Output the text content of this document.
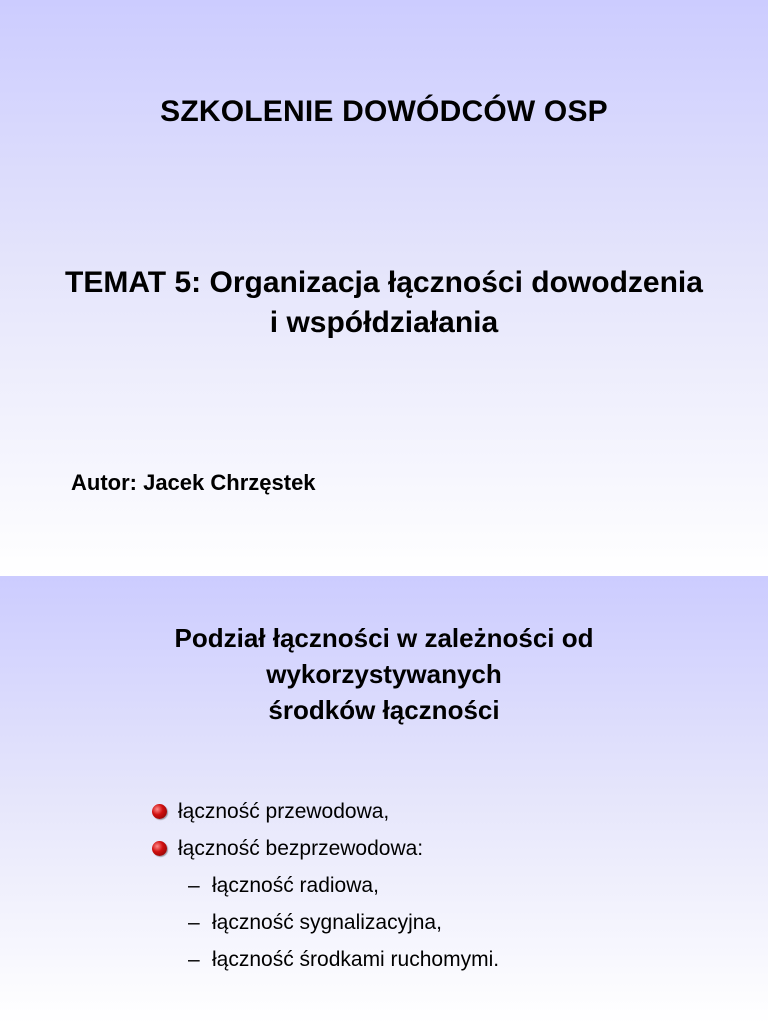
SZKOLENIE DOWÓDCÓW OSP
TEMAT 5: Organizacja łączności dowodzenia
i współdziałania
Autor: Jacek Chrzęstek
Podział łączności w zależności od
wykorzystywanych
środków łączności
łączność przewodowa,
łączność bezprzewodowa:
– łączność radiowa,
– łączność sygnalizacyjna,
– łączność środkami ruchomymi.
